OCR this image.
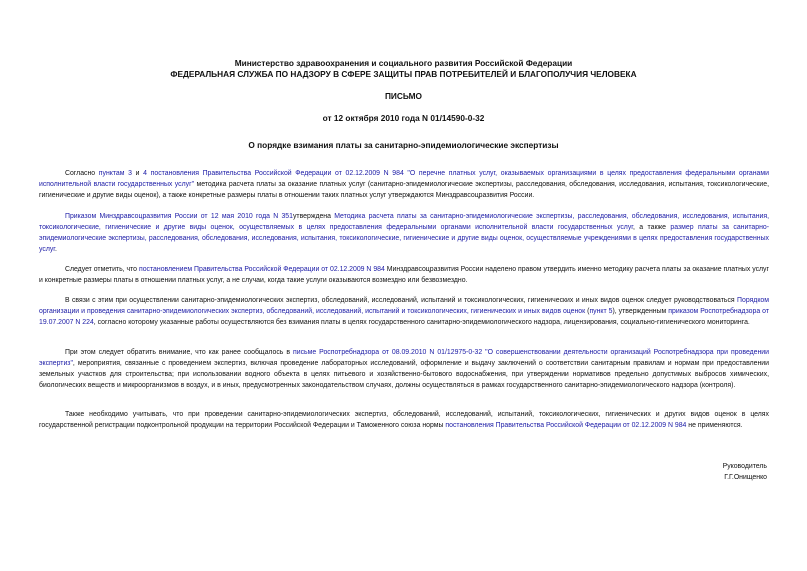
Министерство здравоохранения и социального развития Российской Федерации
ФЕДЕРАЛЬНАЯ СЛУЖБА ПО НАДЗОРУ В СФЕРЕ ЗАЩИТЫ ПРАВ ПОТРЕБИТЕЛЕЙ И БЛАГОПОЛУЧИЯ ЧЕЛОВЕКА
ПИСЬМО
от 12 октября 2010 года N 01/14590-0-32
О порядке взимания платы за санитарно-эпидемиологические экспертизы

Согласно пунктам 3 и 4 постановления Правительства Российской Федерации от 02.12.2009 N 984 "О перечне платных услуг, оказываемых организациями в целях предоставления федеральными органами исполнительной власти государственных услуг" методика расчета платы за оказание платных услуг (санитарно-эпидемиологические экспертизы, расследования, обследования, исследования, испытания, токсикологические, гигиенические и другие виды оценок), а также конкретные размеры платы в отношении таких платных услуг утверждаются Минздравсоцразвития России.

Приказом Минздравсоцразвития России от 12 мая 2010 года N 351утверждена Методика расчета платы за санитарно-эпидемиологические экспертизы, расследования, обследования, исследования, испытания, токсикологические, гигиенические и другие виды оценок, осуществляемых в целях предоставления федеральными органами исполнительной власти государственных услуг, а также размер платы за санитарно-эпидемиологические экспертизы, расследования, обследования, исследования, испытания, токсикологические, гигиенические и другие виды оценок, осуществляемые учреждениями в целях предоставления государственных услуг.

Следует отметить, что постановлением Правительства Российской Федерации от 02.12.2009 N 984 Минздравсоцразвития России наделено правом утвердить именно методику расчета платы за оказание платных услуг и конкретные размеры платы в отношении платных услуг, а не случаи, когда такие услуги оказываются возмездно или безвозмездно.

В связи с этим при осуществлении санитарно-эпидемиологических экспертиз, обследований, исследований, испытаний и токсикологических, гигиенических и иных видов оценок следует руководствоваться Порядком организации и проведения санитарно-эпидемиологических экспертиз, обследований, исследований, испытаний и токсикологических, гигиенических и иных видов оценок (пункт 5), утвержденным приказом Роспотребнадзора от 19.07.2007 N 224, согласно которому указанные работы осуществляются без взимания платы в целях государственного санитарно-эпидемиологического надзора, лицензирования, социально-гигиенического мониторинга.

При этом следует обратить внимание, что как ранее сообщалось в письме Роспотребнадзора от 08.09.2010 N 01/12975-0-32 "О совершенствовании деятельности организаций Роспотребнадзора при проведении экспертиз", мероприятия, связанные с проведением экспертиз, включая проведение лабораторных исследований, оформление и выдачу заключений о соответствии санитарным правилам и нормам при предоставлении земельных участков для строительства; при использовании водного объекта в целях питьевого и хозяйственно-бытового водоснабжения, при утверждении нормативов предельно допустимых выбросов химических, биологических веществ и микроорганизмов в воздух, и в иных, предусмотренных законодательством случаях, должны осуществляться в рамках государственного санитарно-эпидемиологического надзора (контроля).

Также необходимо учитывать, что при проведении санитарно-эпидемиологических экспертиз, обследований, исследований, испытаний, токсикологических, гигиенических и других видов оценок в целях государственной регистрации подконтрольной продукции на территории Российской Федерации и Таможенного союза нормы постановления Правительства Российской Федерации от 02.12.2009 N 984 не применяются.

Руководитель
Г.Г.Онищенко
